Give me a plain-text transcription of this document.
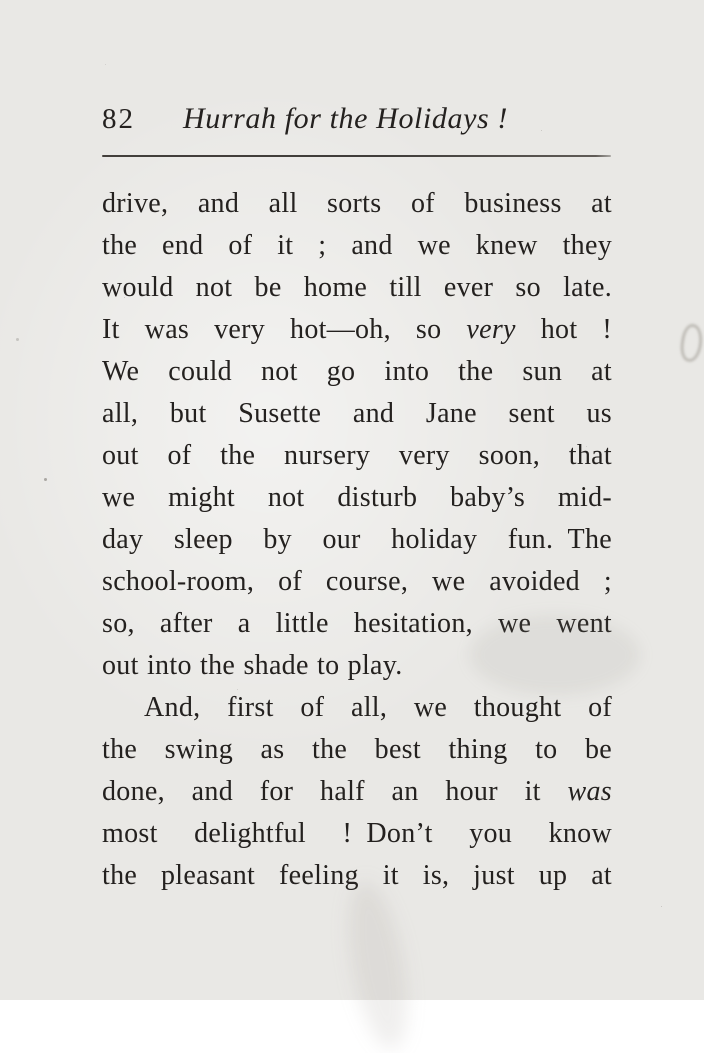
82 Hurrah for the Holidays !
drive, and all sorts of business at
the end of it ; and we knew they
would not be home till ever so late.
It was very hot—oh, so very hot !
We could not go into the sun at
all, but Susette and Jane sent us
out of the nursery very soon, that
we might not disturb baby’s mid-
day sleep by our holiday fun. The
school-room, of course, we avoided ;
so, after a little hesitation, we went
out into the shade to play.
And, first of all, we thought of
the swing as the best thing to be
done, and for half an hour it was
most delightful ! Don’t you know
the pleasant feeling it is, just up at
